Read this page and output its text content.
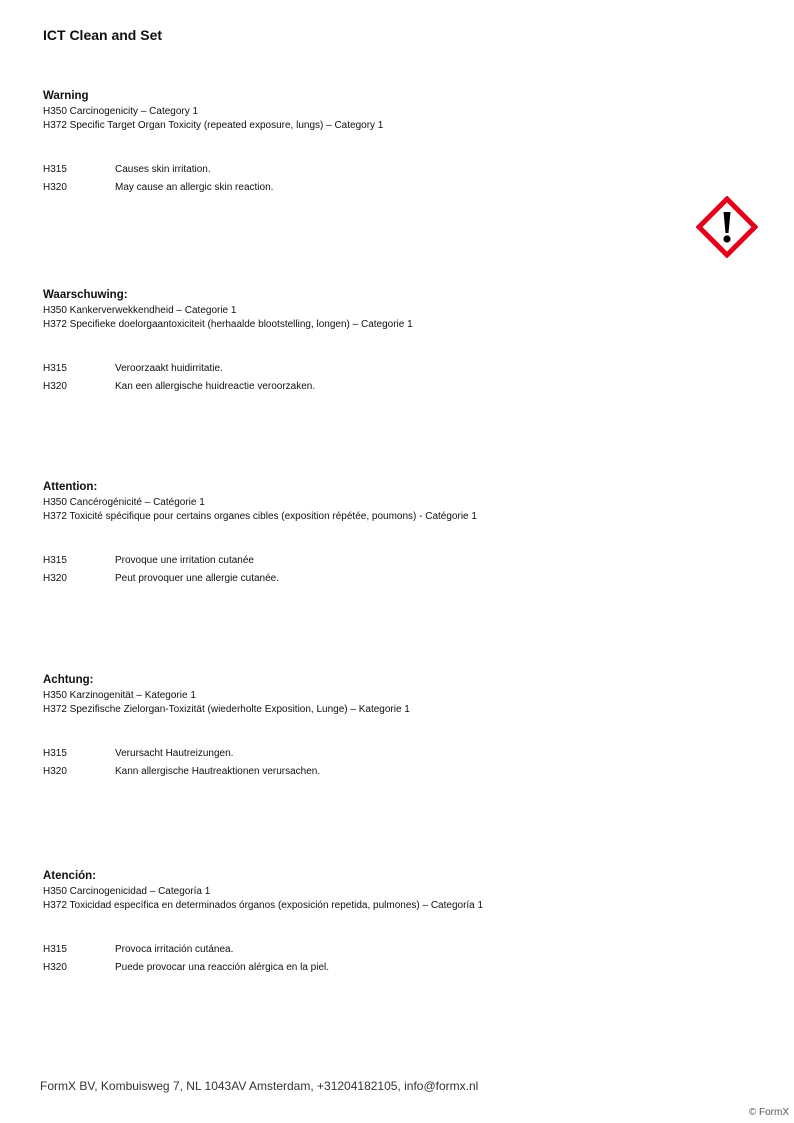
ICT Clean and Set
Warning
H350 Carcinogenicity – Category 1
H372 Specific Target Organ Toxicity (repeated exposure, lungs) – Category 1
H315	Causes skin irritation.
H320	May cause an allergic skin reaction.
Waarschuwing:
H350 Kankerverwekkendheid – Categorie 1
H372 Specifieke doelorgaantoxiciteit (herhaalde blootstelling, longen) – Categorie 1
H315	Veroorzaakt huidirritatie.
H320	Kan een allergische huidreactie veroorzaken.
Attention:
H350 Cancérogénicité – Catégorie 1
H372 Toxicité spécifique pour certains organes cibles (exposition répétée, poumons) - Catégorie 1
H315	Provoque une irritation cutanée
H320	Peut provoquer une allergie cutanée.
Achtung:
H350 Karzinogenität – Kategorie 1
H372 Spezifische Zielorgan-Toxizität (wiederholte Exposition, Lunge) – Kategorie 1
H315	Verursacht Hautreizungen.
H320	Kann allergische Hautreaktionen verursachen.
Atención:
H350 Carcinogenicidad – Categoría 1
H372 Toxicidad específica en determinados órganos (exposición repetida, pulmones) – Categoría 1
H315	Provoca irritación cutánea.
H320	Puede provocar una reacción alérgica en la piel.
FormX BV, Kombuisweg 7, NL 1043AV Amsterdam, +31204182105, info@formx.nl
© FormX
